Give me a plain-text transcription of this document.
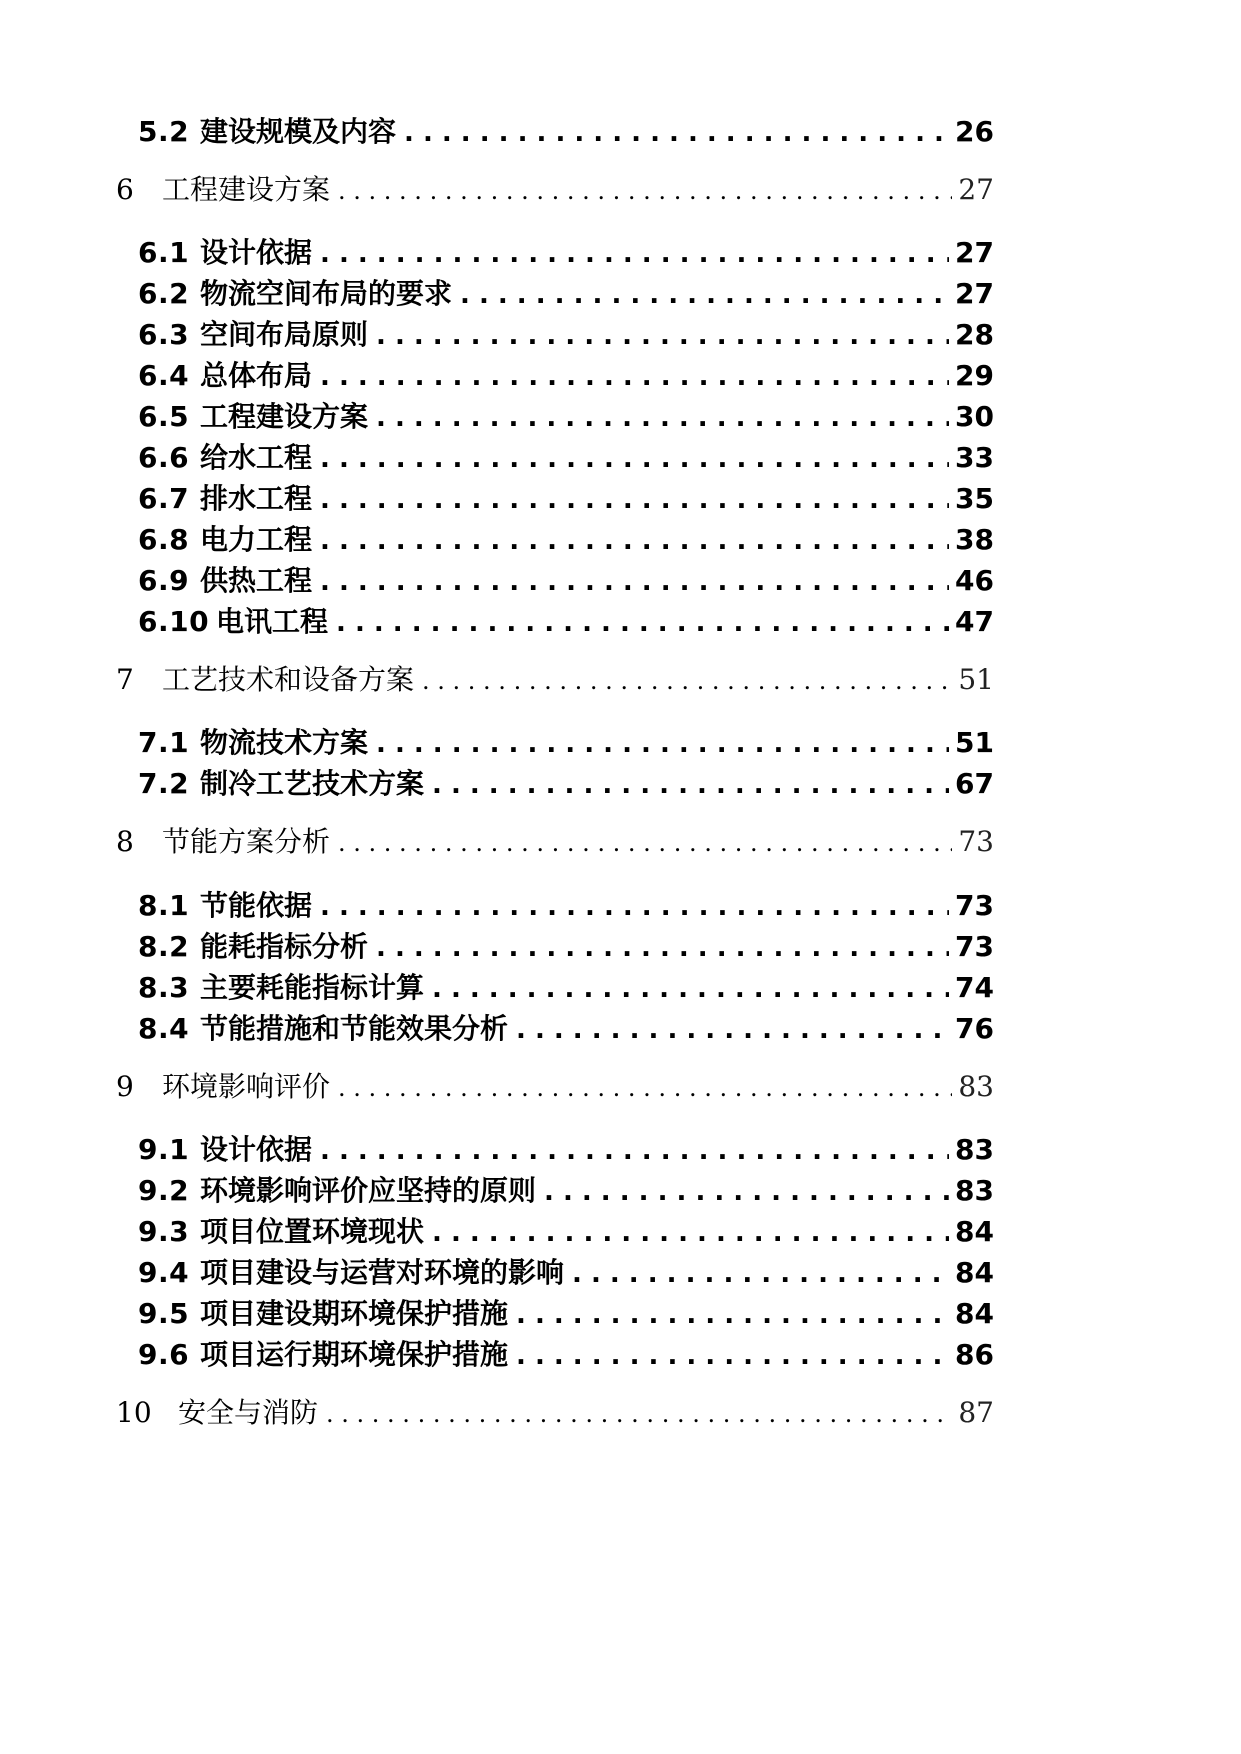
5.2 建设规模及内容 . . .	26
6	工程建设方案 . . .	27
6.1 设计依据 . . .	27
6.2 物流空间布局的要求 . . .	27
6.3 空间布局原则 . . .	28
6.4 总体布局 . . .	29
6.5 工程建设方案 . . .	30
6.6 给水工程 . . .	33
6.7 排水工程 . . .	35
6.8 电力工程 . . .	38
6.9 供热工程 . . .	46
6.10 电讯工程 . . .	47
7	工艺技术和设备方案 . . .	51
7.1 物流技术方案 . . .	51
7.2 制冷工艺技术方案 . . .	67
8	节能方案分析 . . .	73
8.1 节能依据 . . .	73
8.2 能耗指标分析 . . .	73
8.3 主要耗能指标计算 . . .	74
8.4 节能措施和节能效果分析 . . .	76
9	环境影响评价 . . .	83
9.1 设计依据 . . .	83
9.2 环境影响评价应坚持的原则 . . .	83
9.3 项目位置环境现状 . . .	84
9.4 项目建设与运营对环境的影响 . . .	84
9.5 项目建设期环境保护措施 . . .	84
9.6 项目运行期环境保护措施 . . .	86
10 安全与消防 . . .	87
